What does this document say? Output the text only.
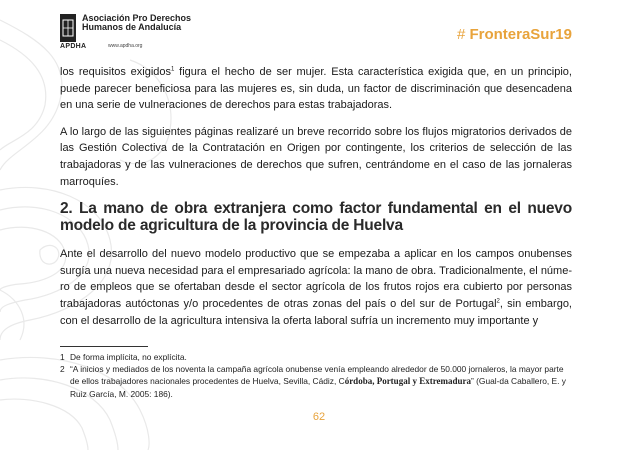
Asociación Pro Derechos
Humanos de Andalucía
APDHA	www.apdha.org
# FronteraSur19

los requisitos exigidos$^1$ figura el hecho de ser mujer. Esta característica exigida que, en un principio, puede parecer beneficiosa para las mujeres es, sin duda, un factor de discriminación que desencadena en una serie de vulneraciones de derechos para estas trabajadoras.

A lo largo de las siguientes páginas realizaré un breve recorrido sobre los flujos migratorios derivados de las Gestión Colectiva de la Contratación en Origen por contingente, los criterios de selección de las trabajadoras y de las vulneraciones de derechos que sufren, centrándome en el caso de las jornaleras marroquíes.

2. La mano de obra extranjera como factor fundamental en el nuevo modelo de agricultura de la provincia de Huelva

Ante el desarrollo del nuevo modelo productivo que se empezaba a aplicar en los campos onubenses surgía una nueva necesidad para el empresariado agrícola: la mano de obra. Tradicionalmente, el núme-ro de empleos que se ofertaban desde el sector agrícola de los frutos rojos era cubierto por personas trabajadoras autóctonas y/o procedentes de otras zonas del país o del sur de Portugal$^2$, sin embargo, con el desarrollo de la agricultura intensiva la oferta laboral sufría un incremento muy importante y

1 De forma implícita, no explícita.
2 “A inicios y mediados de los noventa la campaña agrícola onubense venía empleando alrededor de 50.000 jornaleros, la mayor parte de ellos trabajadores nacionales procedentes de Huelva, Sevilla, Cádiz, Córdoba, Portugal y Extremadura” (Gual-da Caballero, E. y Ruiz García, M. 2005: 186).
62
